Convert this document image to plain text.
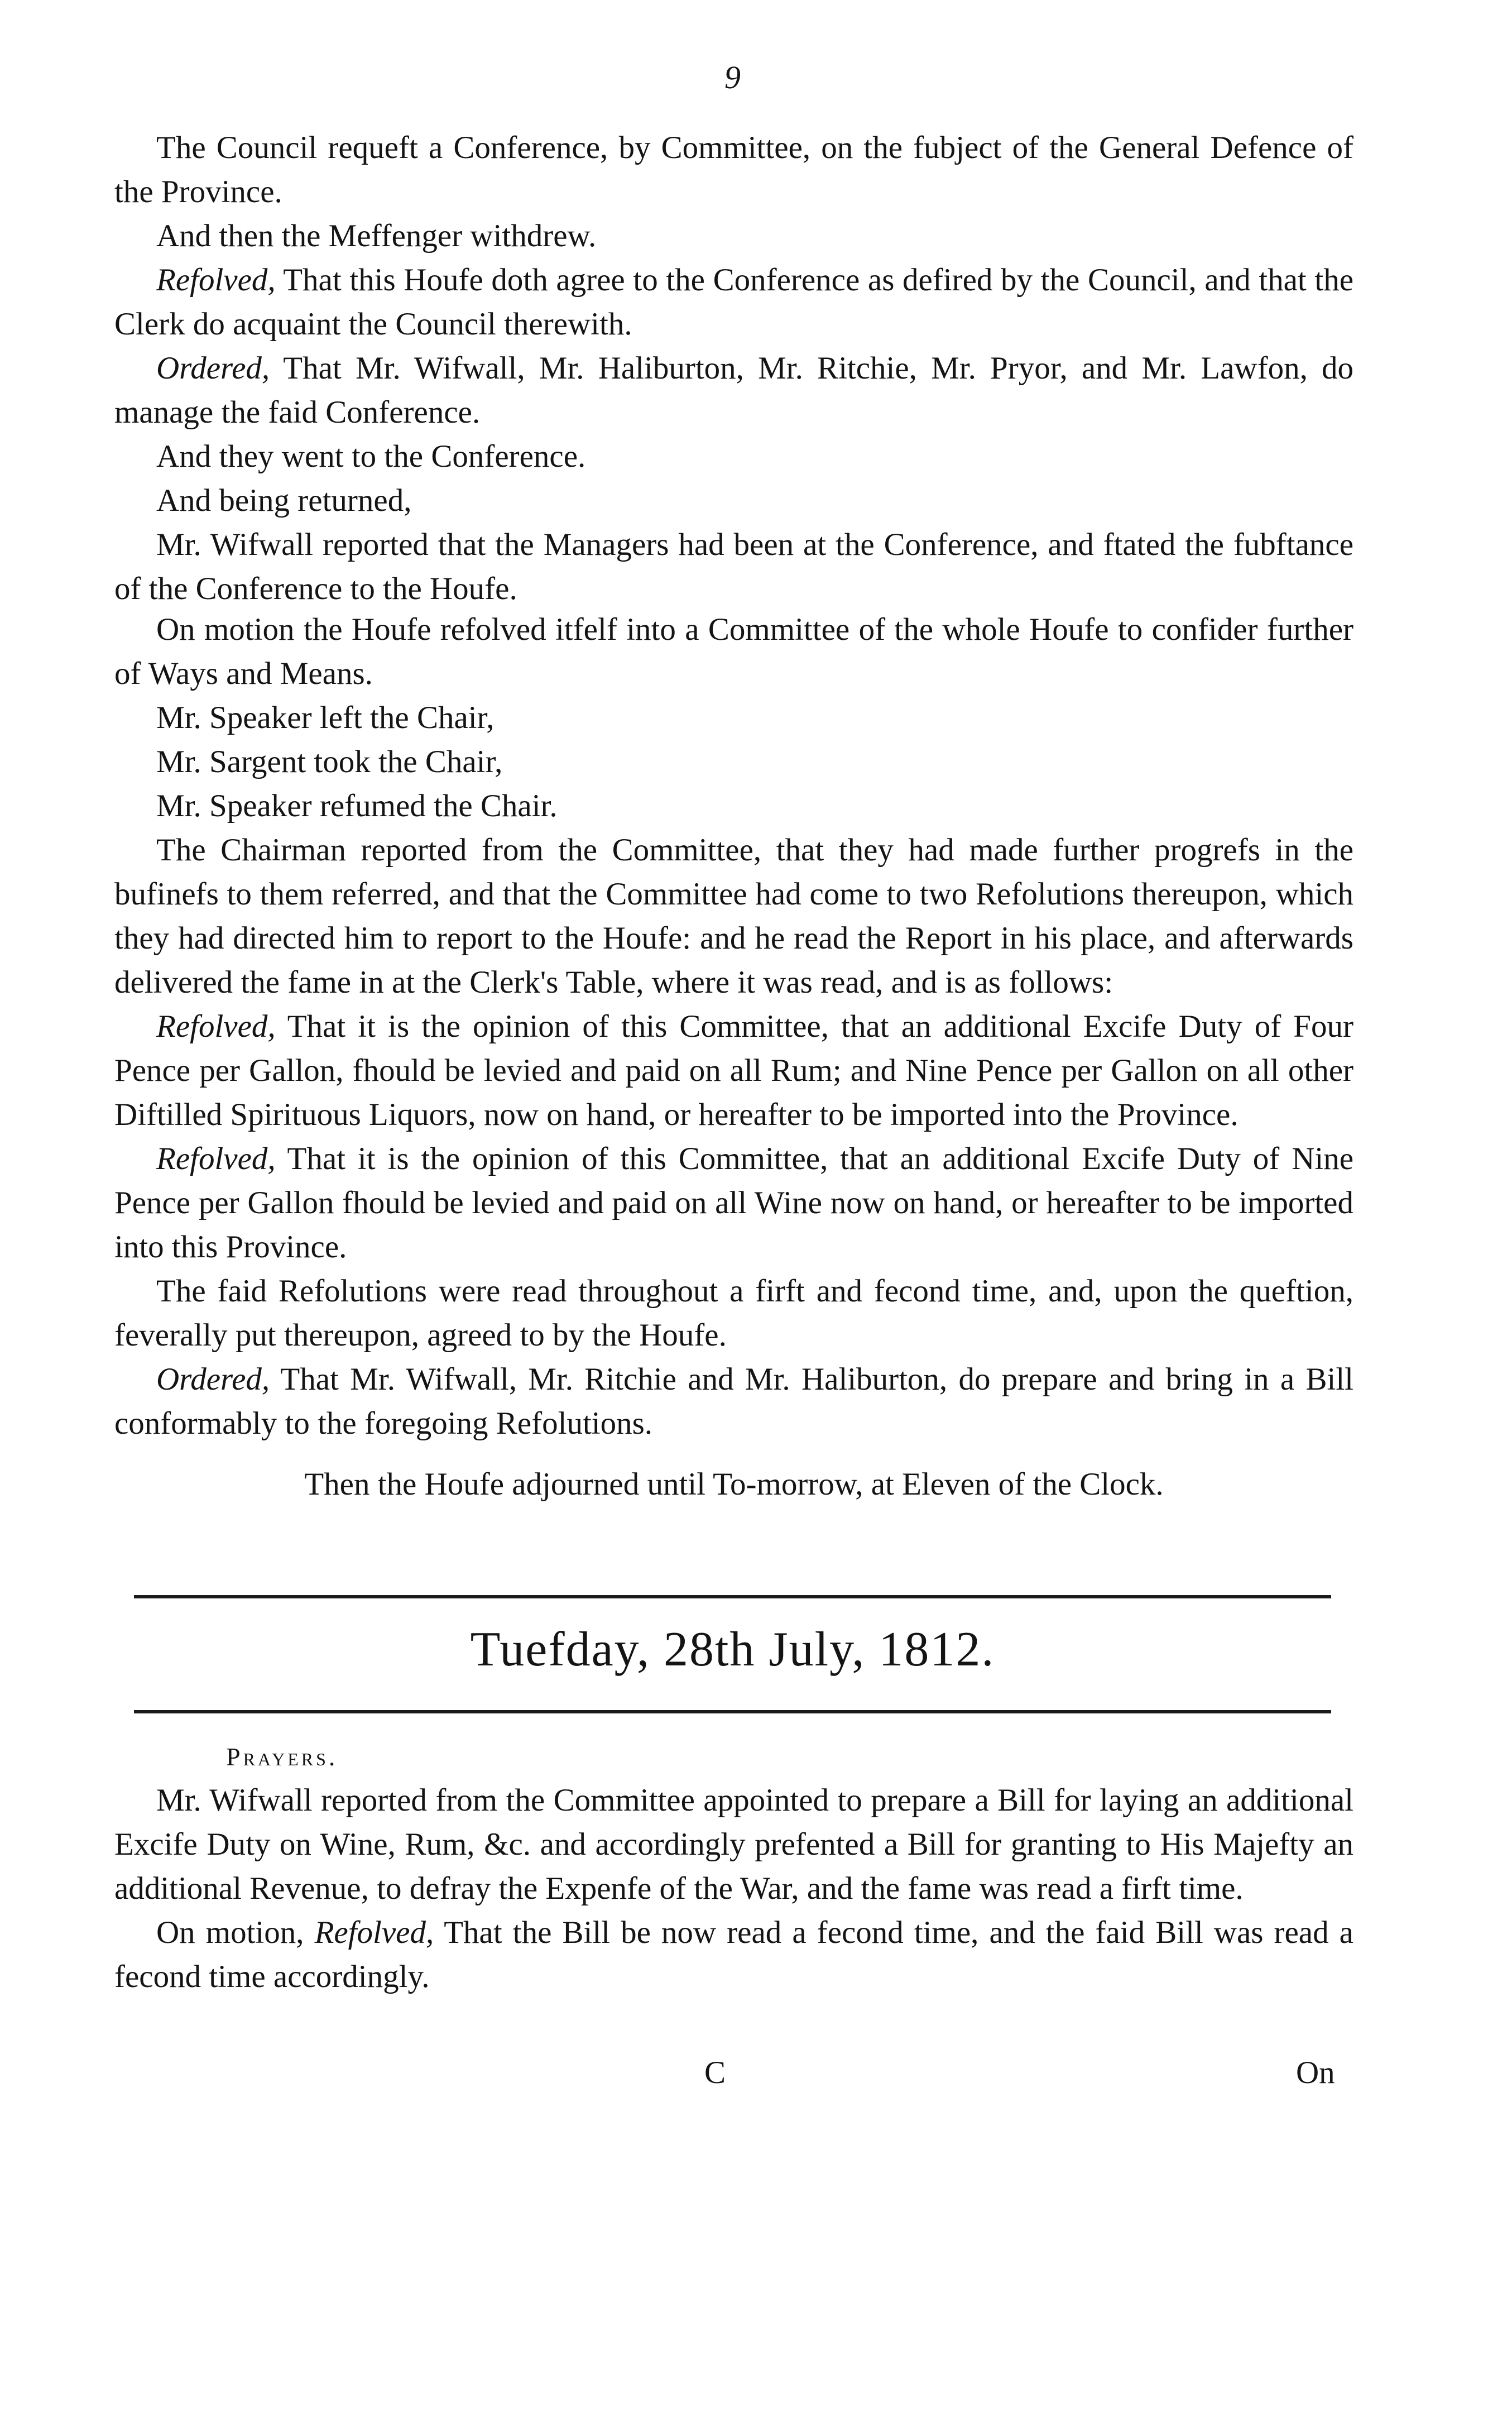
9

The Council requeft a Conference, by Committee, on the fubject of the General Defence of the Province.

And then the Meffenger withdrew.

Refolved, That this Houfe doth agree to the Conference as defired by the Council, and that the Clerk do acquaint the Council therewith.

Ordered, That Mr. Wifwall, Mr. Haliburton, Mr. Ritchie, Mr. Pryor, and Mr. Lawfon, do manage the faid Conference.

And they went to the Conference.

And being returned,

Mr. Wifwall reported that the Managers had been at the Conference, and ftated the fubftance of the Conference to the Houfe.

On motion the Houfe refolved itfelf into a Committee of the whole Houfe to confider further of Ways and Means.

Mr. Speaker left the Chair,

Mr. Sargent took the Chair,

Mr. Speaker refumed the Chair.

The Chairman reported from the Committee, that they had made further progrefs in the bufinefs to them referred, and that the Committee had come to two Refolutions thereupon, which they had directed him to report to the Houfe: and he read the Report in his place, and afterwards delivered the fame in at the Clerk's Table, where it was read, and is as follows:

Refolved, That it is the opinion of this Committee, that an additional Excife Duty of Four Pence per Gallon, fhould be levied and paid on all Rum; and Nine Pence per Gallon on all other Diftilled Spirituous Liquors, now on hand, or hereafter to be imported into the Province.

Refolved, That it is the opinion of this Committee, that an additional Excife Duty of Nine Pence per Gallon fhould be levied and paid on all Wine now on hand, or hereafter to be imported into this Province.

The faid Refolutions were read throughout a firft and fecond time, and, upon the queftion, feverally put thereupon, agreed to by the Houfe.

Ordered, That Mr. Wifwall, Mr. Ritchie and Mr. Haliburton, do prepare and bring in a Bill conformably to the foregoing Refolutions.

Then the Houfe adjourned until To-morrow, at Eleven of the Clock.

Tuefday, 28th July, 1812.
Prayers.

Mr. Wifwall reported from the Committee appointed to prepare a Bill for laying an additional Excife Duty on Wine, Rum, &c. and accordingly prefented a Bill for granting to His Majefty an additional Revenue, to defray the Expenfe of the War, and the fame was read a firft time.

On motion, Refolved, That the Bill be now read a fecond time, and the faid Bill was read a fecond time accordingly.

C	On
